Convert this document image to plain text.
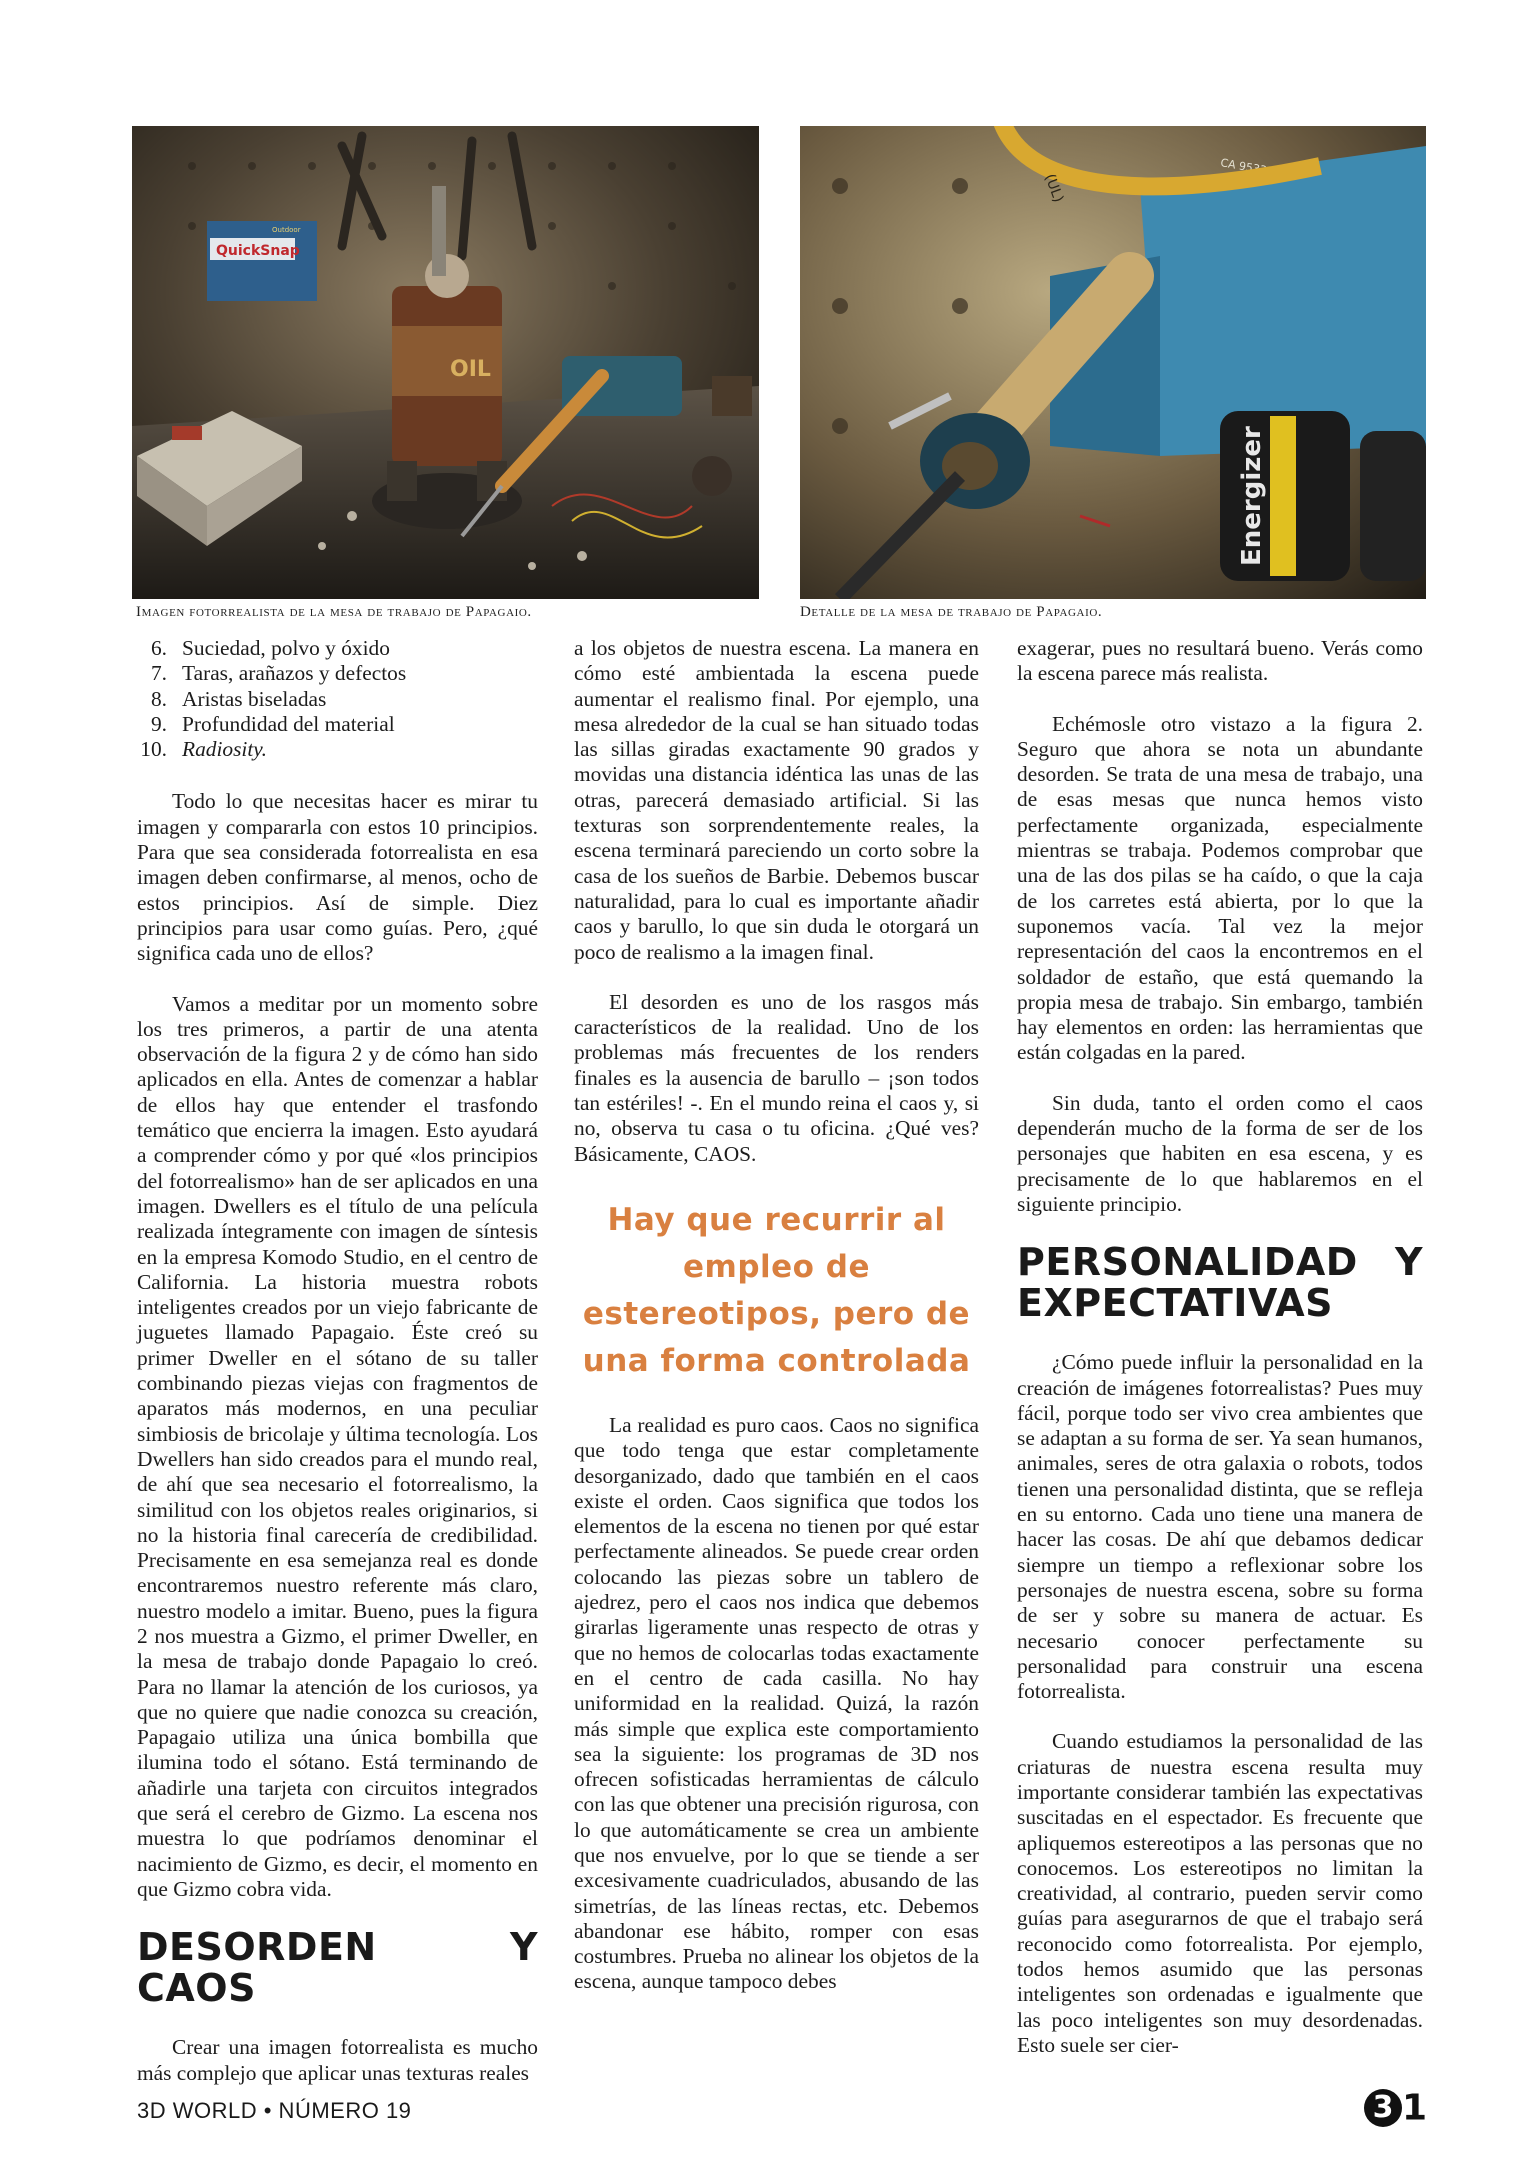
QuickSnap
Outdoor
OIL
CA 95330
(UL)
Energizer
Imagen fotorrealista de la mesa de trabajo de Papagaio.	Detalle de la mesa de trabajo de Papagaio.
6. Suciedad, polvo y óxido
7. Taras, arañazos y defectos
8. Aristas biseladas
9. Profundidad del material
10. Radiosity.

Todo lo que necesitas hacer es mirar tu imagen y compararla con estos 10 principios. Para que sea considerada fotorrealista en esa imagen deben confirmarse, al menos, ocho de estos principios. Así de simple. Diez principios para usar como guías. Pero, ¿qué significa cada uno de ellos?

Vamos a meditar por un momento sobre los tres primeros, a partir de una atenta observación de la figura 2 y de cómo han sido aplicados en ella. Antes de comenzar a hablar de ellos hay que entender el trasfondo temático que encierra la imagen. Esto ayudará a comprender cómo y por qué «los principios del fotorrealismo» han de ser aplicados en una imagen. Dwellers es el título de una película realizada íntegramente con imagen de síntesis en la empresa Komodo Studio, en el centro de California. La historia muestra robots inteligentes creados por un viejo fabricante de juguetes llamado Papagaio. Éste creó su primer Dweller en el sótano de su taller combinando piezas viejas con fragmentos de aparatos más modernos, en una peculiar simbiosis de bricolaje y última tecnología. Los Dwellers han sido creados para el mundo real, de ahí que sea necesario el fotorrealismo, la similitud con los objetos reales originarios, si no la historia final carecería de credibilidad. Precisamente en esa semejanza real es donde encontraremos nuestro referente más claro, nuestro modelo a imitar. Bueno, pues la figura 2 nos muestra a Gizmo, el primer Dweller, en la mesa de trabajo donde Papagaio lo creó. Para no llamar la atención de los curiosos, ya que no quiere que nadie conozca su creación, Papagaio utiliza una única bombilla que ilumina todo el sótano. Está terminando de añadirle una tarjeta con circuitos integrados que será el cerebro de Gizmo. La escena nos muestra lo que podríamos denominar el nacimiento de Gizmo, es decir, el momento en que Gizmo cobra vida.

DESORDEN Y CAOS

Crear una imagen fotorrealista es mucho más complejo que aplicar unas texturas reales

a los objetos de nuestra escena. La manera en cómo esté ambientada la escena puede aumentar el realismo final. Por ejemplo, una mesa alrededor de la cual se han situado todas las sillas giradas exactamente 90 grados y movidas una distancia idéntica las unas de las otras, parecerá demasiado artificial. Si las texturas son sorprendentemente reales, la escena terminará pareciendo un corto sobre la casa de los sueños de Barbie. Debemos buscar naturalidad, para lo cual es importante añadir caos y barullo, lo que sin duda le otorgará un poco de realismo a la imagen final.

El desorden es uno de los rasgos más característicos de la realidad. Uno de los problemas más frecuentes de los renders finales es la ausencia de barullo – ¡son todos tan estériles! -. En el mundo reina el caos y, si no, observa tu casa o tu oficina. ¿Qué ves? Básicamente, CAOS.

Hay que recurrir al empleo de estereotipos, pero de una forma controlada

La realidad es puro caos. Caos no significa que todo tenga que estar completamente desorganizado, dado que también en el caos existe el orden. Caos significa que todos los elementos de la escena no tienen por qué estar perfectamente alineados. Se puede crear orden colocando las piezas sobre un tablero de ajedrez, pero el caos nos indica que debemos girarlas ligeramente unas respecto de otras y que no hemos de colocarlas todas exactamente en el centro de cada casilla. No hay uniformidad en la realidad. Quizá, la razón más simple que explica este comportamiento sea la siguiente: los programas de 3D nos ofrecen sofisticadas herramientas de cálculo con las que obtener una precisión rigurosa, con lo que automáticamente se crea un ambiente que nos envuelve, por lo que se tiende a ser excesivamente cuadriculados, abusando de las simetrías, de las líneas rectas, etc. Debemos abandonar ese hábito, romper con esas costumbres. Prueba no alinear los objetos de la escena, aunque tampoco debes

exagerar, pues no resultará bueno. Verás como la escena parece más realista.

Echémosle otro vistazo a la figura 2. Seguro que ahora se nota un abundante desorden. Se trata de una mesa de trabajo, una de esas mesas que nunca hemos visto perfectamente organizada, especialmente mientras se trabaja. Podemos comprobar que una de las dos pilas se ha caído, o que la caja de los carretes está abierta, por lo que la suponemos vacía. Tal vez la mejor representación del caos la encontremos en el soldador de estaño, que está quemando la propia mesa de trabajo. Sin embargo, también hay elementos en orden: las herramientas que están colgadas en la pared.

Sin duda, tanto el orden como el caos dependerán mucho de la forma de ser de los personajes que habiten en esa escena, y es precisamente de lo que hablaremos en el siguiente principio.

PERSONALIDAD Y EXPECTATIVAS

¿Cómo puede influir la personalidad en la creación de imágenes fotorrealistas? Pues muy fácil, porque todo ser vivo crea ambientes que se adaptan a su forma de ser. Ya sean humanos, animales, seres de otra galaxia o robots, todos tienen una personalidad distinta, que se refleja en su entorno. Cada uno tiene una manera de hacer las cosas. De ahí que debamos dedicar siempre un tiempo a reflexionar sobre los personajes de nuestra escena, sobre su forma de ser y sobre su manera de actuar. Es necesario conocer perfectamente su personalidad para construir una escena fotorrealista.

Cuando estudiamos la personalidad de las criaturas de nuestra escena resulta muy importante considerar también las expectativas suscitadas en el espectador. Es frecuente que apliquemos estereotipos a las personas que no conocemos. Los estereotipos no limitan la creatividad, al contrario, pueden servir como guías para asegurarnos de que el trabajo será reconocido como fotorrealista. Por ejemplo, todos hemos asumido que las personas inteligentes son ordenadas e igualmente que las poco inteligentes son muy desordenadas. Esto suele ser cier-

3D WORLD • NÚMERO 19	3 1
